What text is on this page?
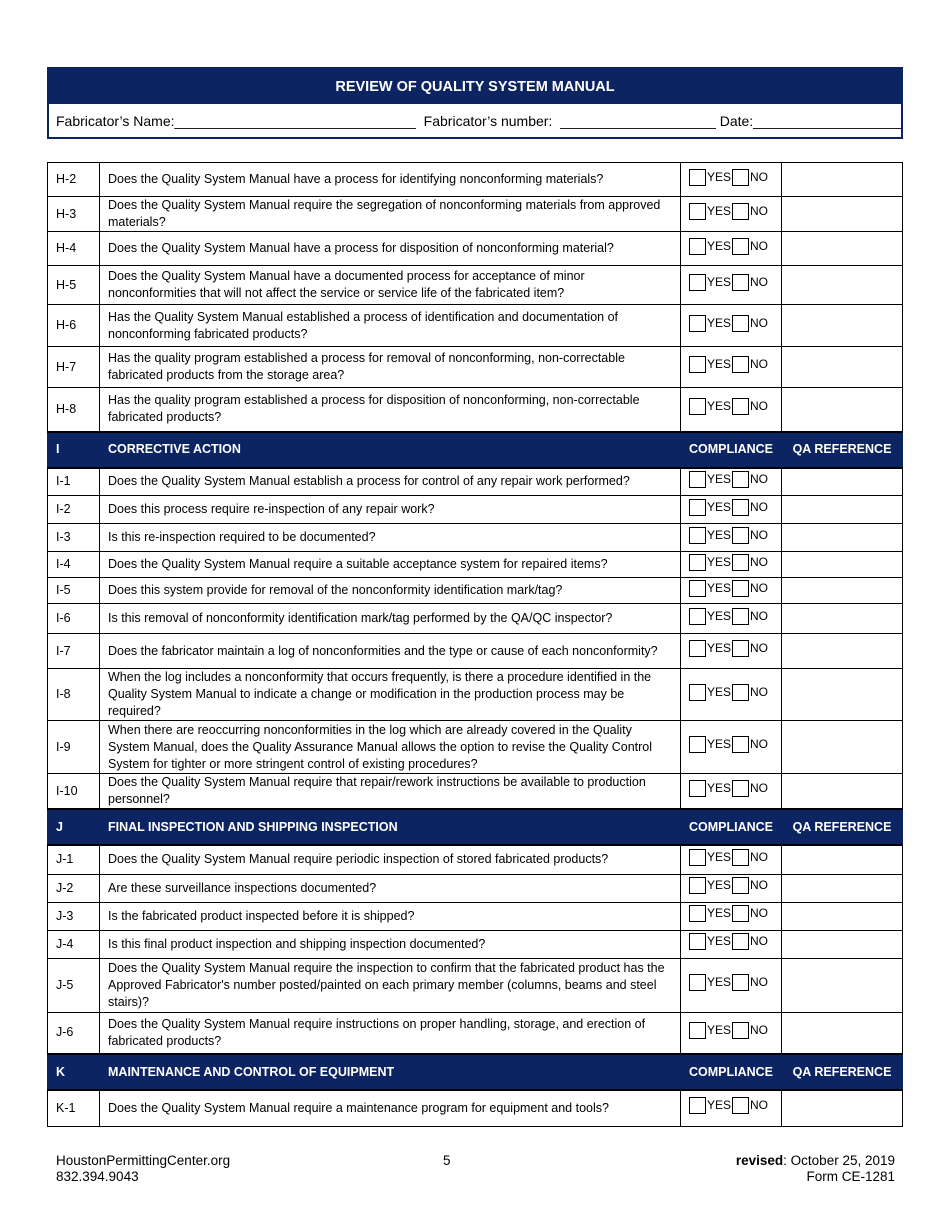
REVIEW OF QUALITY SYSTEM MANUAL
Fabricator’s Name:_______________________________  Fabricator’s number:  ____________________ Date:___________________
H-2	Does the Quality System Manual have a process for identifying nonconforming materials?	YES NO	

H-3	Does the Quality System Manual require the segregation of nonconforming materials from approved materials?	YES NO	

H-4	Does the Quality System Manual have a process for disposition of nonconforming material?	YES NO	

H-5	Does the Quality System Manual have a documented process for acceptance of minor nonconformities that will not affect the service or service life of the fabricated item?	YES NO	

H-6	Has the Quality System Manual established a process of identification and documentation of nonconforming fabricated products?	YES NO	

H-7	Has the quality program established a process for removal of nonconforming, non-correctable fabricated products from the storage area?	YES NO	

H-8	Has the quality program established a process for disposition of nonconforming, non-correctable fabricated products?	YES NO	

I	CORRECTIVE ACTION	COMPLIANCE	QA REFERENCE
I-1	Does the Quality System Manual establish a process for control of any repair work performed?	YES NO	

I-2	Does this process require re-inspection of any repair work?	YES NO	

I-3	Is this re-inspection required to be documented?	YES NO	

I-4	Does the Quality System Manual require a suitable acceptance system for repaired items?	YES NO	

I-5	Does this system provide for removal of the nonconformity identification mark/tag?	YES NO	

I-6	Is this removal of nonconformity identification mark/tag performed by the QA/QC inspector?	YES NO	

I-7	Does the fabricator maintain a log of nonconformities and the type or cause of each nonconformity?	YES NO	

I-8	When the log includes a nonconformity that occurs frequently, is there a procedure identified in the Quality System Manual to indicate a change or modification in the production process may be required?	YES NO	

I-9	When there are reoccurring nonconformities in the log which are already covered in the Quality System Manual, does the Quality Assurance Manual allows the option to revise the Quality Control System for tighter or more stringent control of existing procedures?	YES NO	

I-10	Does the Quality System Manual require that repair/rework instructions be available to production personnel?	YES NO	

J	FINAL INSPECTION AND SHIPPING INSPECTION	COMPLIANCE	QA REFERENCE
J-1	Does the Quality System Manual require periodic inspection of stored fabricated products?	YES NO	

J-2	Are these surveillance inspections documented?	YES NO	

J-3	Is the fabricated product inspected before it is shipped?	YES NO	

J-4	Is this final product inspection and shipping inspection documented?	YES NO	

J-5	Does the Quality System Manual require the inspection to confirm that the fabricated product has the Approved Fabricator's number posted/painted on each primary member (columns, beams and steel stairs)?	YES NO	

J-6	Does the Quality System Manual require instructions on proper handling, storage, and erection of fabricated products?	YES NO	

K	MAINTENANCE AND CONTROL OF EQUIPMENT	COMPLIANCE	QA REFERENCE
K-1	Does the Quality System Manual require a maintenance program for equipment and tools?	YES NO	

HoustonPermittingCenter.org
832.394.9043
5	revised: October 25, 2019
Form CE-1281
